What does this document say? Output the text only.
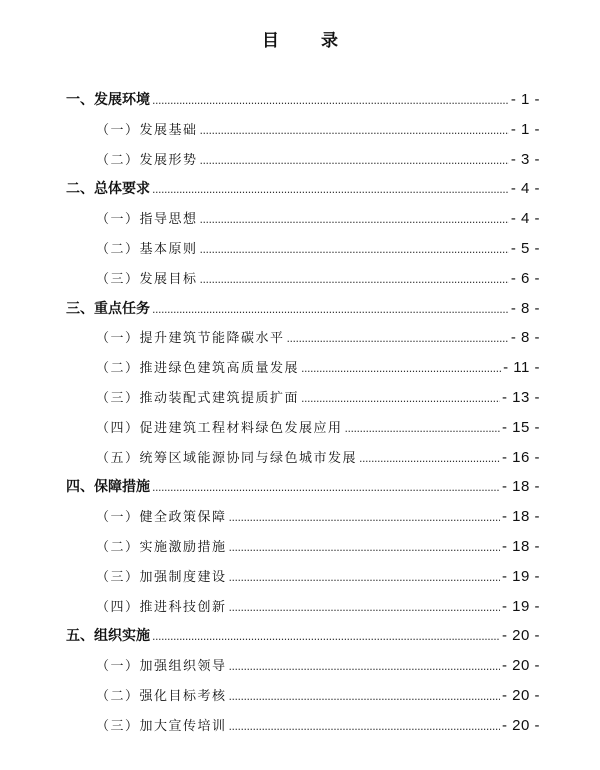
目 录
一、发展环境 . . .	- 1 -
（一）发展基础 . . .	- 1 -
（二）发展形势 . . .	- 3 -
二、总体要求 . . .	- 4 -
（一）指导思想 . . .	- 4 -
（二）基本原则 . . .	- 5 -
（三）发展目标 . . .	- 6 -
三、重点任务 . . .	- 8 -
（一）提升建筑节能降碳水平 . . .	- 8 -
（二）推进绿色建筑高质量发展 . . .	- 11 -
（三）推动装配式建筑提质扩面 . . .	- 13 -
（四）促进建筑工程材料绿色发展应用 . . .	- 15 -
（五）统筹区域能源协同与绿色城市发展 . . .	- 16 -
四、保障措施 . . .	- 18 -
（一）健全政策保障 . . .	- 18 -
（二）实施激励措施 . . .	- 18 -
（三）加强制度建设 . . .	- 19 -
（四）推进科技创新 . . .	- 19 -
五、组织实施 . . .	- 20 -
（一）加强组织领导 . . .	- 20 -
（二）强化目标考核 . . .	- 20 -
（三）加大宣传培训 . . .	- 20 -
